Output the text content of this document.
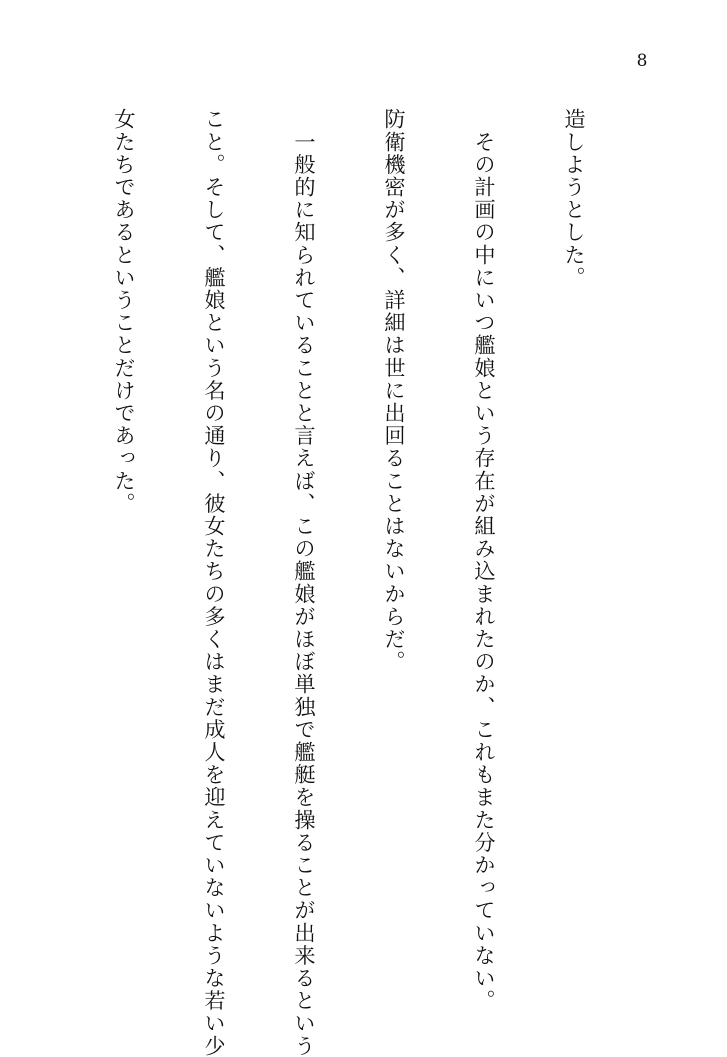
8

造しようとした。

　その計画の中にいつ艦娘という存在が組み込まれたのか、これもまた分かっていない。

防衛機密が多く、詳細は世に出回ることはないからだ。

　一般的に知られていることと言えば、この艦娘がほぼ単独で艦艇を操ることが出来るという

こと。そして、艦娘という名の通り、彼女たちの多くはまだ成人を迎えていないような若い少

女たちであるということだけであった。
